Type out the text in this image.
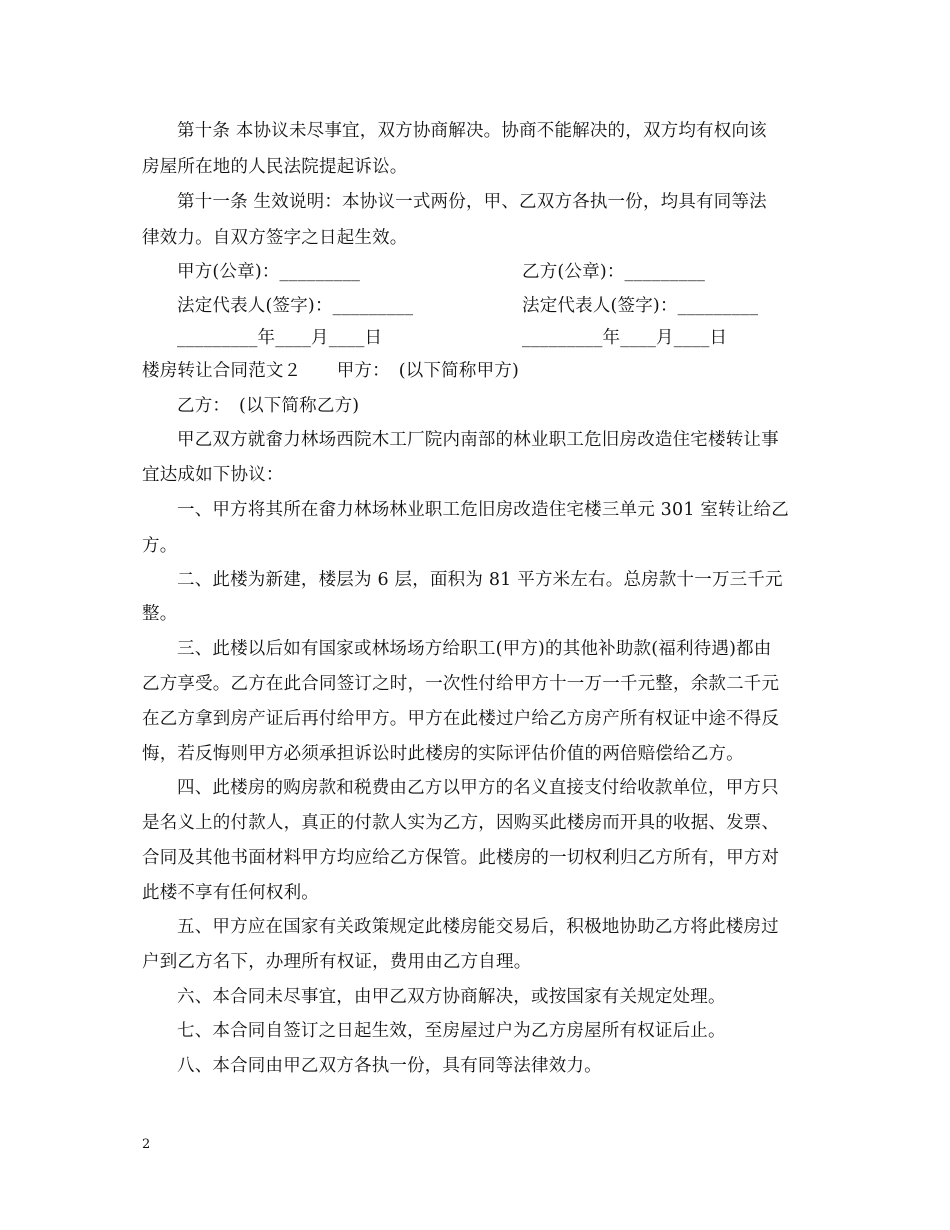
第十条 本协议未尽事宜，双方协商解决。协商不能解决的，双方均有权向该
房屋所在地的人民法院提起诉讼。
第十一条 生效说明：本协议一式两份，甲、乙双方各执一份，均具有同等法
律效力。自双方签字之日起生效。
甲方(公章)：_________	乙方(公章)：_________
法定代表人(签字)：_________	法定代表人(签字)：_________
_________年____月____日	_________年____月____日
楼房转让合同范文２　　甲方：　(以下简称甲方)
乙方：　(以下简称乙方)
甲乙双方就畲力林场西院木工厂院内南部的林业职工危旧房改造住宅楼转让事
宜达成如下协议：
一、甲方将其所在畲力林场林业职工危旧房改造住宅楼三单元 301 室转让给乙
方。
二、此楼为新建，楼层为 6 层，面积为 81 平方米左右。总房款十一万三千元
整。
三、此楼以后如有国家或林场场方给职工(甲方)的其他补助款(福利待遇)都由
乙方享受。乙方在此合同签订之时，一次性付给甲方十一万一千元整，余款二千元
在乙方拿到房产证后再付给甲方。甲方在此楼过户给乙方房产所有权证中途不得反
悔，若反悔则甲方必须承担诉讼时此楼房的实际评估价值的两倍赔偿给乙方。
四、此楼房的购房款和税费由乙方以甲方的名义直接支付给收款单位，甲方只
是名义上的付款人，真正的付款人实为乙方，因购买此楼房而开具的收据、发票、
合同及其他书面材料甲方均应给乙方保管。此楼房的一切权利归乙方所有，甲方对
此楼不享有任何权利。
五、甲方应在国家有关政策规定此楼房能交易后，积极地协助乙方将此楼房过
户到乙方名下，办理所有权证，费用由乙方自理。
六、本合同未尽事宜，由甲乙双方协商解决，或按国家有关规定处理。
七、本合同自签订之日起生效，至房屋过户为乙方房屋所有权证后止。
八、本合同由甲乙双方各执一份，具有同等法律效力。
2
